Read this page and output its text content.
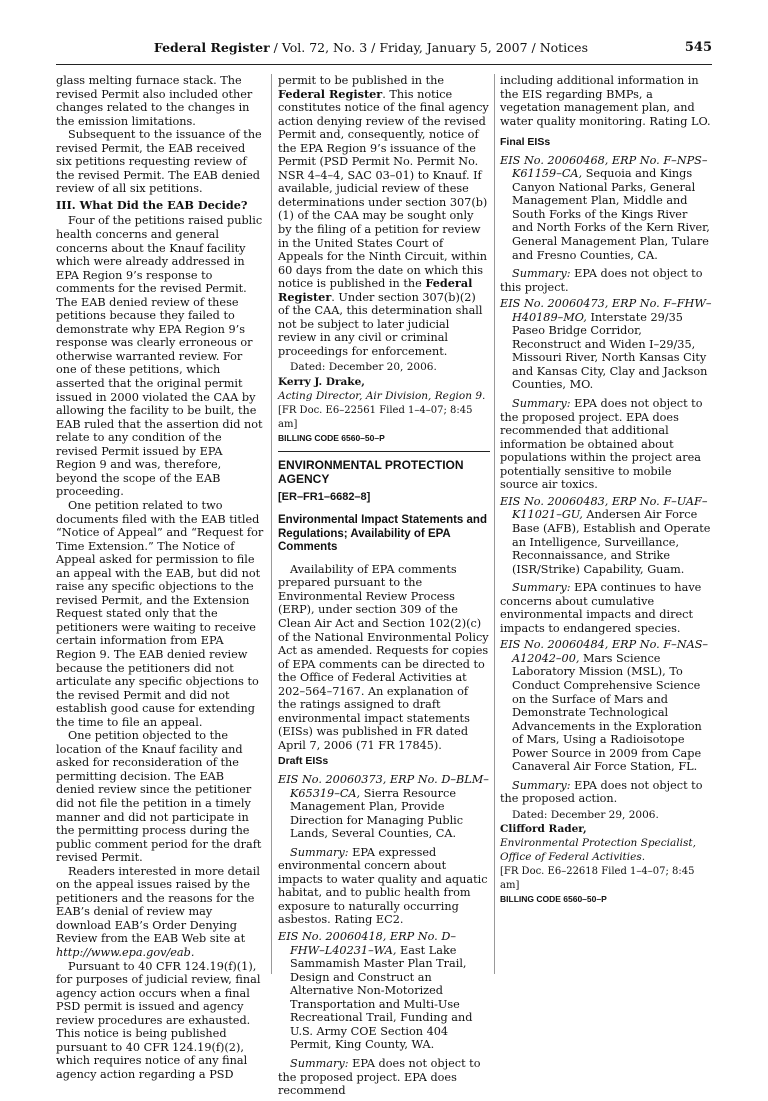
Federal Register / Vol. 72, No. 3 / Friday, January 5, 2007 / Notices	545

glass melting furnace stack. The revised Permit also included other changes related to the changes in the emission limitations.

Subsequent to the issuance of the revised Permit, the EAB received six petitions requesting review of the revised Permit. The EAB denied review of all six petitions.

III. What Did the EAB Decide?

Four of the petitions raised public health concerns and general concerns about the Knauf facility which were already addressed in EPA Region 9’s response to comments for the revised Permit. The EAB denied review of these petitions because they failed to demonstrate why EPA Region 9’s response was clearly erroneous or otherwise warranted review. For one of these petitions, which asserted that the original permit issued in 2000 violated the CAA by allowing the facility to be built, the EAB ruled that the assertion did not relate to any condition of the revised Permit issued by EPA Region 9 and was, therefore, beyond the scope of the EAB proceeding.

One petition related to two documents filed with the EAB titled “Notice of Appeal” and “Request for Time Extension.” The Notice of Appeal asked for permission to file an appeal with the EAB, but did not raise any specific objections to the revised Permit, and the Extension Request stated only that the petitioners were waiting to receive certain information from EPA Region 9. The EAB denied review because the petitioners did not articulate any specific objections to the revised Permit and did not establish good cause for extending the time to file an appeal.

One petition objected to the location of the Knauf facility and asked for reconsideration of the permitting decision. The EAB denied review since the petitioner did not file the petition in a timely manner and did not participate in the permitting process during the public comment period for the draft revised Permit.

Readers interested in more detail on the appeal issues raised by the petitioners and the reasons for the EAB’s denial of review may download EAB’s Order Denying Review from the EAB Web site at http://www.epa.gov/eab.

Pursuant to 40 CFR 124.19(f)(1), for purposes of judicial review, final agency action occurs when a final PSD permit is issued and agency review procedures are exhausted. This notice is being published pursuant to 40 CFR 124.19(f)(2), which requires notice of any final agency action regarding a PSD

permit to be published in the Federal Register. This notice constitutes notice of the final agency action denying review of the revised Permit and, consequently, notice of the EPA Region 9’s issuance of the Permit (PSD Permit No. Permit No. NSR 4–4–4, SAC 03–01) to Knauf. If available, judicial review of these determinations under section 307(b)(1) of the CAA may be sought only by the filing of a petition for review in the United States Court of Appeals for the Ninth Circuit, within 60 days from the date on which this notice is published in the Federal Register. Under section 307(b)(2) of the CAA, this determination shall not be subject to later judicial review in any civil or criminal proceedings for enforcement.

Dated: December 20, 2006.

Kerry J. Drake,

Acting Director, Air Division, Region 9.

[FR Doc. E6–22561 Filed 1–4–07; 8:45 am]

BILLING CODE 6560–50–P

ENVIRONMENTAL PROTECTION AGENCY

[ER–FR1–6682–8]

Environmental Impact Statements and Regulations; Availability of EPA Comments

Availability of EPA comments prepared pursuant to the Environmental Review Process (ERP), under section 309 of the Clean Air Act and Section 102(2)(c) of the National Environmental Policy Act as amended. Requests for copies of EPA comments can be directed to the Office of Federal Activities at 202–564–7167. An explanation of the ratings assigned to draft environmental impact statements (EISs) was published in FR dated April 7, 2006 (71 FR 17845).

Draft EISs

EIS No. 20060373, ERP No. D–BLM–K65319–CA, Sierra Resource Management Plan, Provide Direction for Managing Public Lands, Several Counties, CA.

Summary: EPA expressed environmental concern about impacts to water quality and aquatic habitat, and to public health from exposure to naturally occurring asbestos. Rating EC2.

EIS No. 20060418, ERP No. D–FHW–L40231–WA, East Lake Sammamish Master Plan Trail, Design and Construct an Alternative Non-Motorized Transportation and Multi-Use Recreational Trail, Funding and U.S. Army COE Section 404 Permit, King County, WA.

Summary: EPA does not object to the proposed project. EPA does recommend

including additional information in the EIS regarding BMPs, a vegetation management plan, and water quality monitoring. Rating LO.

Final EISs

EIS No. 20060468, ERP No. F–NPS–K61159–CA, Sequoia and Kings Canyon National Parks, General Management Plan, Middle and South Forks of the Kings River and North Forks of the Kern River, General Management Plan, Tulare and Fresno Counties, CA.

Summary: EPA does not object to this project.

EIS No. 20060473, ERP No. F–FHW–H40189–MO, Interstate 29/35 Paseo Bridge Corridor, Reconstruct and Widen I–29/35, Missouri River, North Kansas City and Kansas City, Clay and Jackson Counties, MO.

Summary: EPA does not object to the proposed project. EPA does recommended that additional information be obtained about populations within the project area potentially sensitive to mobile source air toxics.

EIS No. 20060483, ERP No. F–UAF–K11021–GU, Andersen Air Force Base (AFB), Establish and Operate an Intelligence, Surveillance, Reconnaissance, and Strike (ISR/Strike) Capability, Guam.

Summary: EPA continues to have concerns about cumulative environmental impacts and direct impacts to endangered species.

EIS No. 20060484, ERP No. F–NAS–A12042–00, Mars Science Laboratory Mission (MSL), To Conduct Comprehensive Science on the Surface of Mars and Demonstrate Technological Advancements in the Exploration of Mars, Using a Radioisotope Power Source in 2009 from Cape Canaveral Air Force Station, FL.

Summary: EPA does not object to the proposed action.

Dated: December 29, 2006.

Clifford Rader,

Environmental Protection Specialist, Office of Federal Activities.

[FR Doc. E6–22618 Filed 1–4–07; 8:45 am]

BILLING CODE 6560–50–P
